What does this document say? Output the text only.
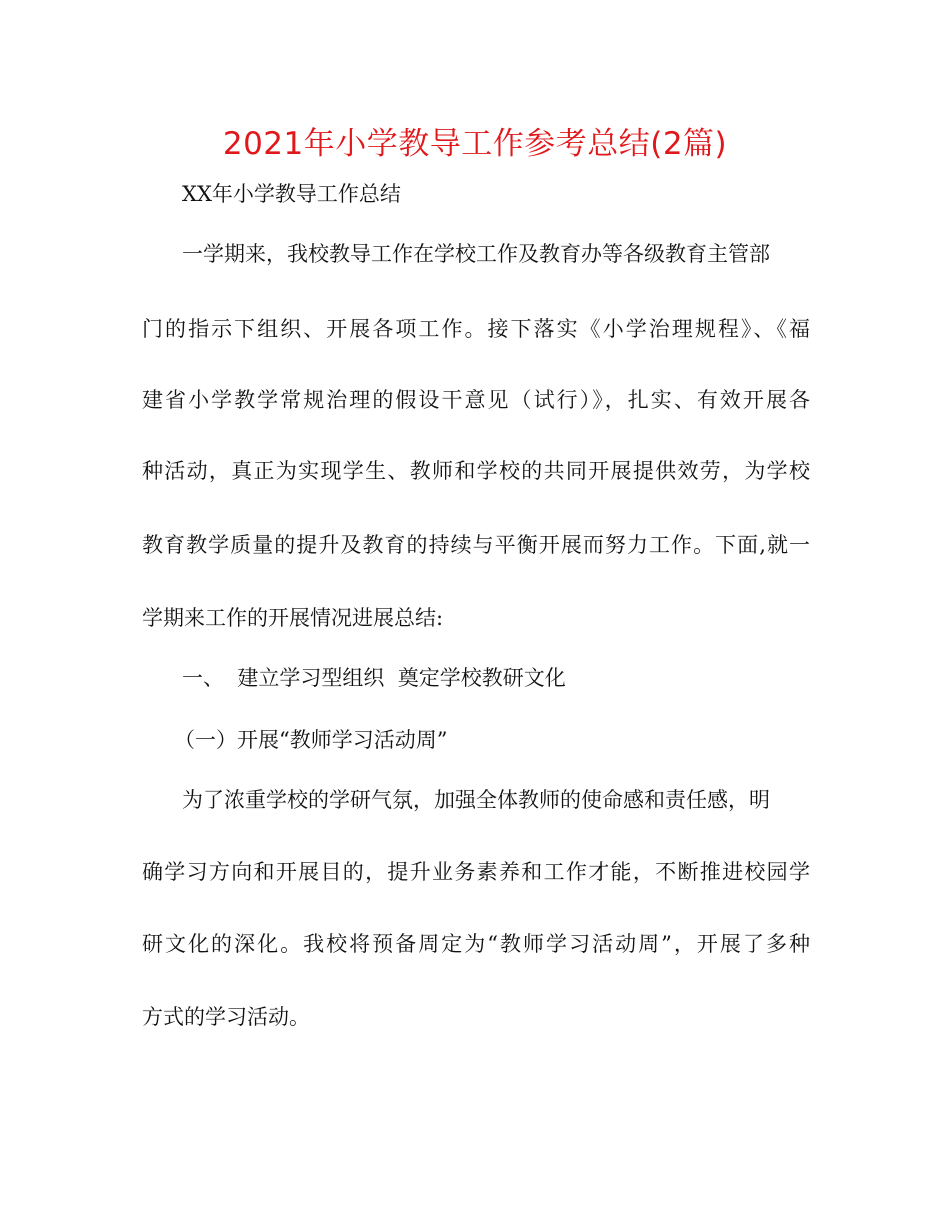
2021年小学教导工作参考总结(2篇)
XX年小学教导工作总结
一学期来，我校教导工作在学校工作及教育办等各级教育主管部
门的指示下组织、开展各项工作。接下落实《小学治理规程》、《福
建省小学教学常规治理的假设干意见（试行）》，扎实、有效开展各
种活动，真正为实现学生、教师和学校的共同开展提供效劳，为学校
教育教学质量的提升及教育的持续与平衡开展而努力工作。下面,就一
学期来工作的开展情况进展总结:
一、  建立学习型组织  奠定学校教研文化
（一）开展“教师学习活动周”
为了浓重学校的学研气氛，加强全体教师的使命感和责任感，明
确学习方向和开展目的，提升业务素养和工作才能，不断推进校园学
研文化的深化。我校将预备周定为“教师学习活动周”，开展了多种
方式的学习活动。
